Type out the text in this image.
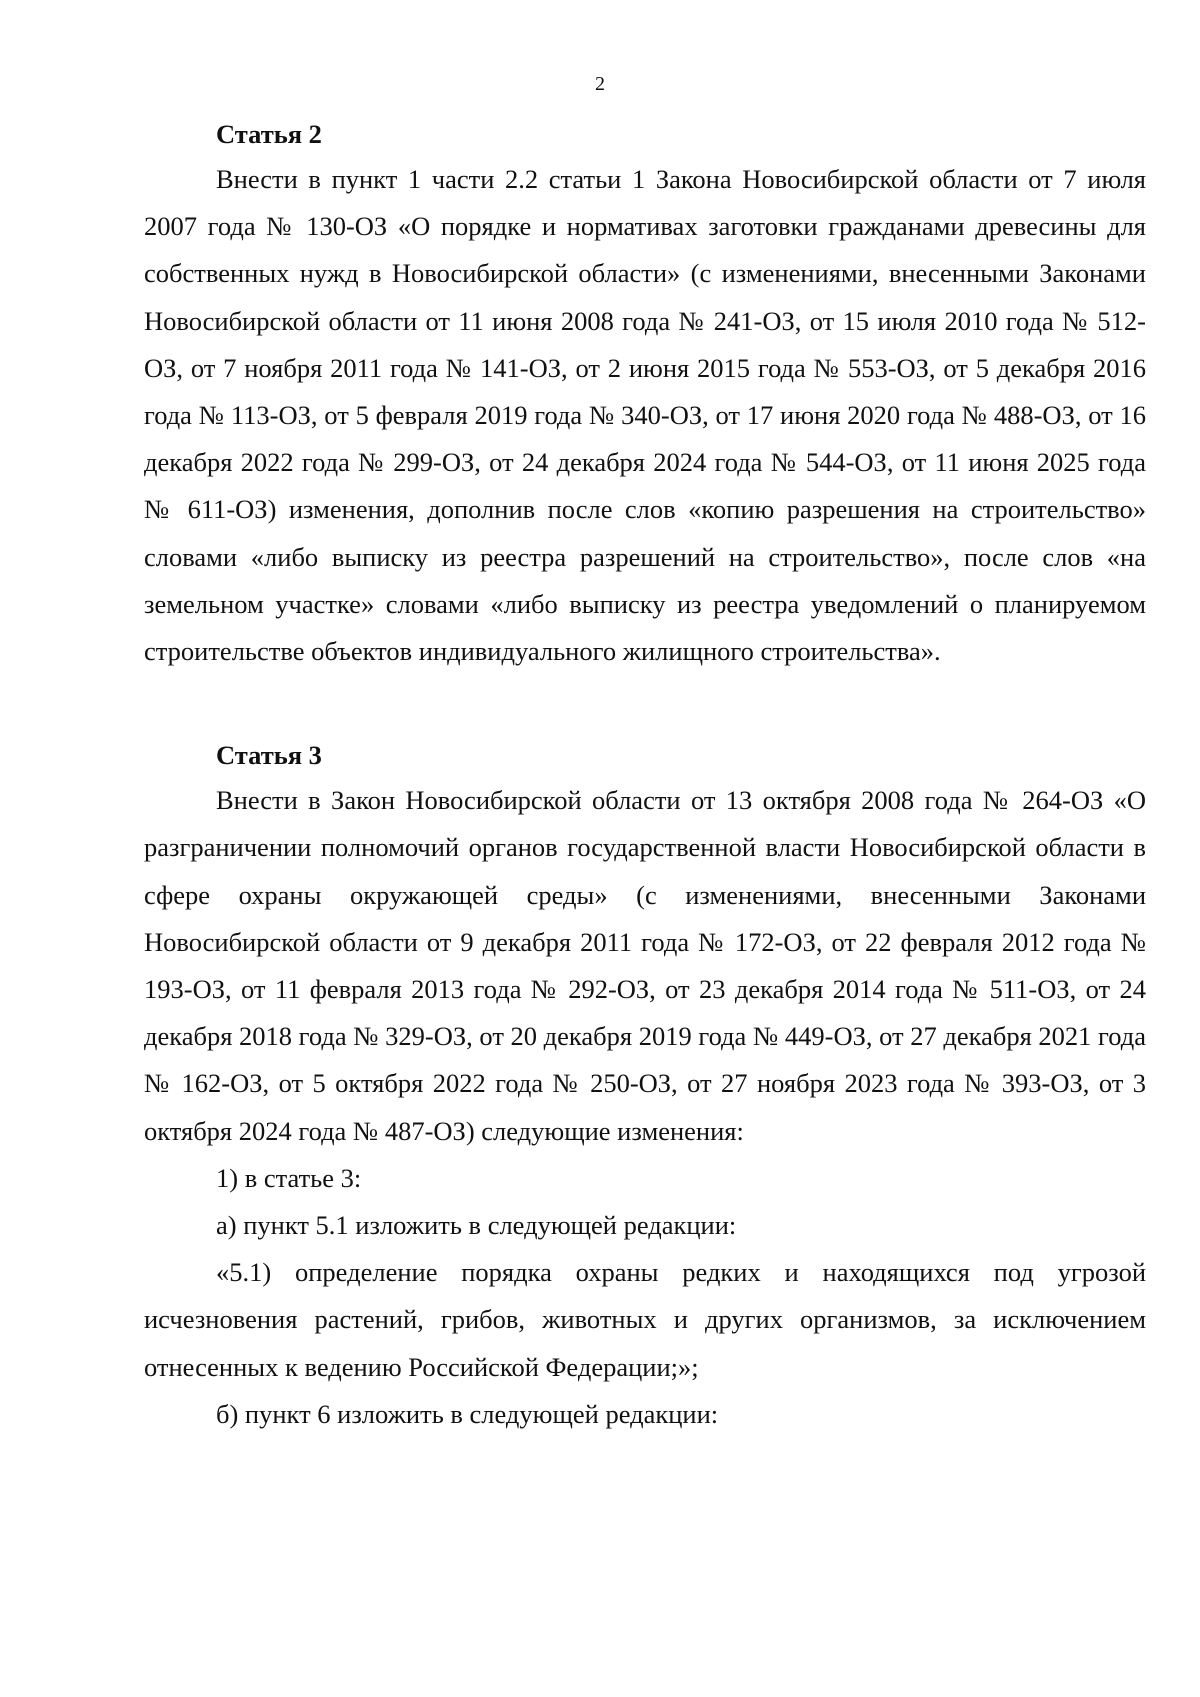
2

Статья 2

Внести в пункт 1 части 2.2 статьи 1 Закона Новосибирской области от 7 июля 2007 года № 130-ОЗ «О порядке и нормативах заготовки гражданами древесины для собственных нужд в Новосибирской области» (с изменениями, внесенными Законами Новосибирской области от 11 июня 2008 года № 241-ОЗ, от 15 июля 2010 года № 512-ОЗ, от 7 ноября 2011 года № 141-ОЗ, от 2 июня 2015 года № 553-ОЗ, от 5 декабря 2016 года № 113-ОЗ, от 5 февраля 2019 года № 340-ОЗ, от 17 июня 2020 года № 488-ОЗ, от 16 декабря 2022 года № 299-ОЗ, от 24 декабря 2024 года № 544-ОЗ, от 11 июня 2025 года № 611-ОЗ) изменения, дополнив после слов «копию разрешения на строительство» словами «либо выписку из реестра разрешений на строительство», после слов «на земельном участке» словами «либо выписку из реестра уведомлений о планируемом строительстве объектов индивидуального жилищного строительства».

Статья 3

Внести в Закон Новосибирской области от 13 октября 2008 года № 264-ОЗ «О разграничении полномочий органов государственной власти Новосибирской области в сфере охраны окружающей среды» (с изменениями, внесенными Законами Новосибирской области от 9 декабря 2011 года № 172-ОЗ, от 22 февраля 2012 года № 193-ОЗ, от 11 февраля 2013 года № 292-ОЗ, от 23 декабря 2014 года № 511-ОЗ, от 24 декабря 2018 года № 329-ОЗ, от 20 декабря 2019 года № 449-ОЗ, от 27 декабря 2021 года № 162-ОЗ, от 5 октября 2022 года № 250-ОЗ, от 27 ноября 2023 года № 393-ОЗ, от 3 октября 2024 года № 487-ОЗ) следующие изменения:

1) в статье 3:

а) пункт 5.1 изложить в следующей редакции:

«5.1) определение порядка охраны редких и находящихся под угрозой исчезновения растений, грибов, животных и других организмов, за исключением отнесенных к ведению Российской Федерации;»;

б) пункт 6 изложить в следующей редакции:
